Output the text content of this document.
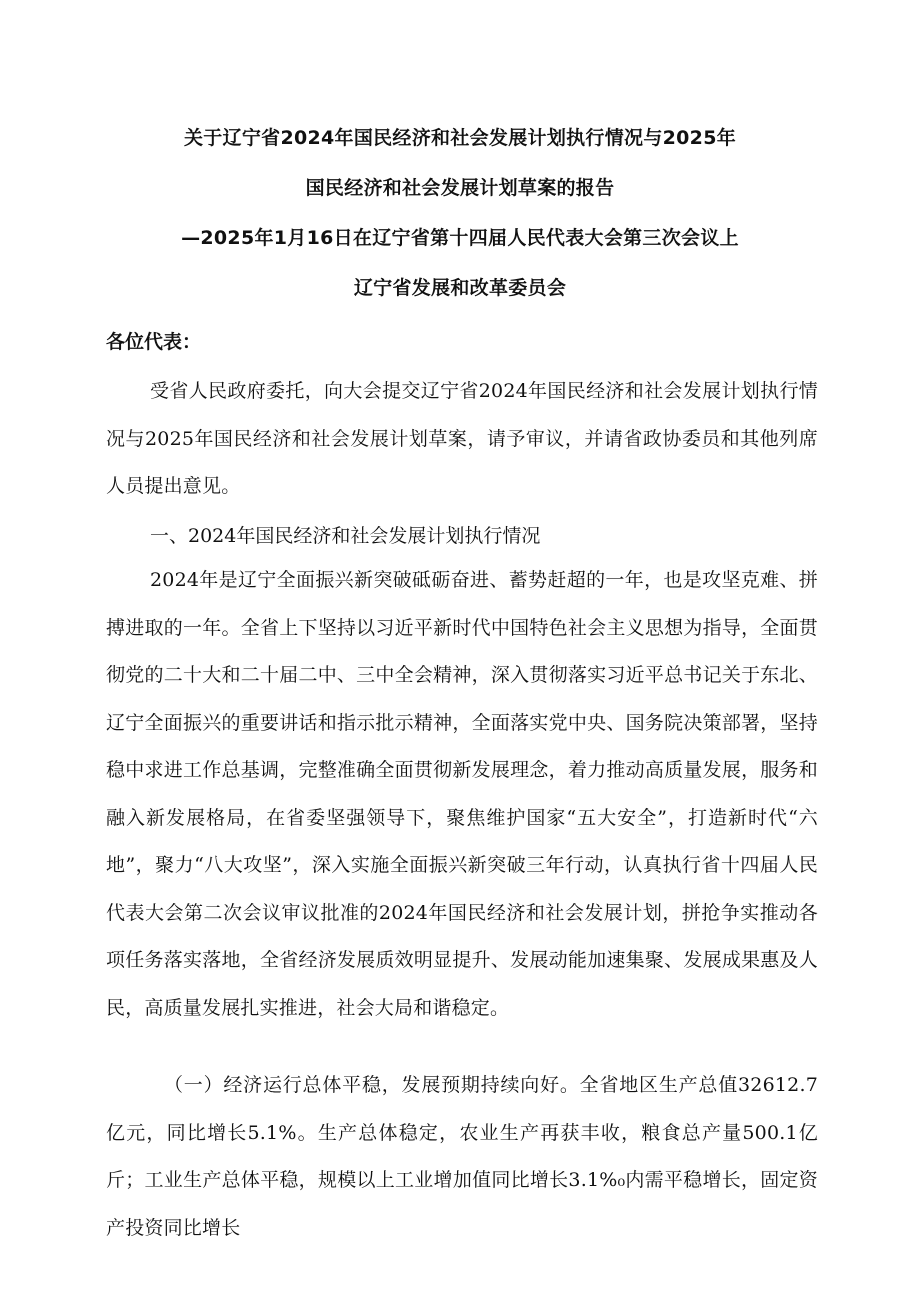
关于辽宁省2024年国民经济和社会发展计划执行情况与2025年
国民经济和社会发展计划草案的报告
—2025年1月16日在辽宁省第十四届人民代表大会第三次会议上
辽宁省发展和改革委员会
各位代表：

受省人民政府委托，向大会提交辽宁省2024年国民经济和社会发展计划执行情况与2025年国民经济和社会发展计划草案，请予审议，并请省政协委员和其他列席人员提出意见。

一、2024年国民经济和社会发展计划执行情况

2024年是辽宁全面振兴新突破砥砺奋进、蓄势赶超的一年，也是攻坚克难、拼搏进取的一年。全省上下坚持以习近平新时代中国特色社会主义思想为指导，全面贯彻党的二十大和二十届二中、三中全会精神，深入贯彻落实习近平总书记关于东北、辽宁全面振兴的重要讲话和指示批示精神，全面落实党中央、国务院决策部署，坚持稳中求进工作总基调，完整准确全面贯彻新发展理念，着力推动高质量发展，服务和融入新发展格局，在省委坚强领导下，聚焦维护国家“五大安全”，打造新时代“六地”，聚力“八大攻坚”，深入实施全面振兴新突破三年行动，认真执行省十四届人民代表大会第二次会议审议批准的2024年国民经济和社会发展计划，拼抢争实推动各项任务落实落地，全省经济发展质效明显提升、发展动能加速集聚、发展成果惠及人民，高质量发展扎实推进，社会大局和谐稳定。

（一）经济运行总体平稳，发展预期持续向好。全省地区生产总值32612.7亿元，同比增长5.1%。生产总体稳定，农业生产再获丰收，粮食总产量500.1亿斤；工业生产总体平稳，规模以上工业增加值同比增长3.1%₀内需平稳增长，固定资产投资同比增长
